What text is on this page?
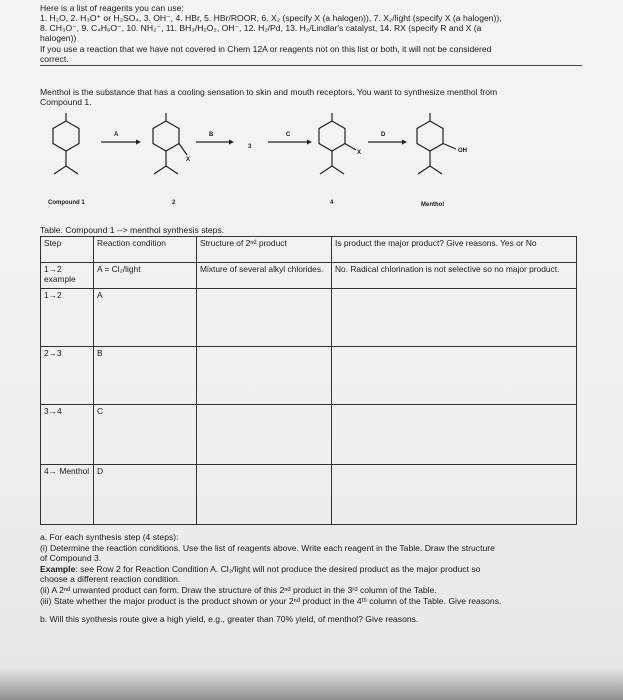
Here is a list of reagents you can use:
1. H₂O, 2. H₃O⁺ or H₂SO₄, 3. OH⁻, 4. HBr, 5. HBr/ROOR, 6. X₂ (specify X (a halogen)), 7. X₂/light (specify X (a halogen)),
8. CH₃O⁻, 9. C₄H₉O⁻, 10. NH₂⁻, 11. BH₃/H₂O₂, OH⁻, 12. H₂/Pd, 13. H₂/Lindlar's catalyst, 14. RX (specify R and X (a
halogen))
If you use a reaction that we have not covered in Chem 12A or reagents not on this list or both, it will not be considered
correct.
Menthol is the substance that has a cooling sensation to skin and mouth receptors. You want to synthesize menthol from
Compound 1.
A	B	C	D
X
X	OH
Compound 1	2
3
4	Menthol
Table. Compound 1 --> menthol synthesis steps.
Step	Reaction condition	Structure of 2ⁿᵈ product	Is product the major product? Give reasons. Yes or No
1→2 example	A = Cl₂/light	Mixture of several alkyl chlorides.	No. Radical chlorination is not selective so no major product.
1→2	A		
2→3	B		
3→4	C		
4→ Menthol	D		
a. For each synthesis step (4 steps):
(i) Determine the reaction conditions. Use the list of reagents above. Write each reagent in the Table. Draw the structure
of Compound 3.
Example: see Row 2 for Reaction Condition A. Cl₂/light will not produce the desired product as the major product so
choose a different reaction condition.
(ii) A 2ⁿᵈ unwanted product can form. Draw the structure of this 2ⁿᵈ product in the 3ʳᵈ column of the Table.
(iii) State whether the major product is the product shown or your 2ⁿᵈ product in the 4ᵗʰ column of the Table. Give reasons.
b. Will this synthesis route give a high yield, e.g., greater than 70% yield, of menthol? Give reasons.
